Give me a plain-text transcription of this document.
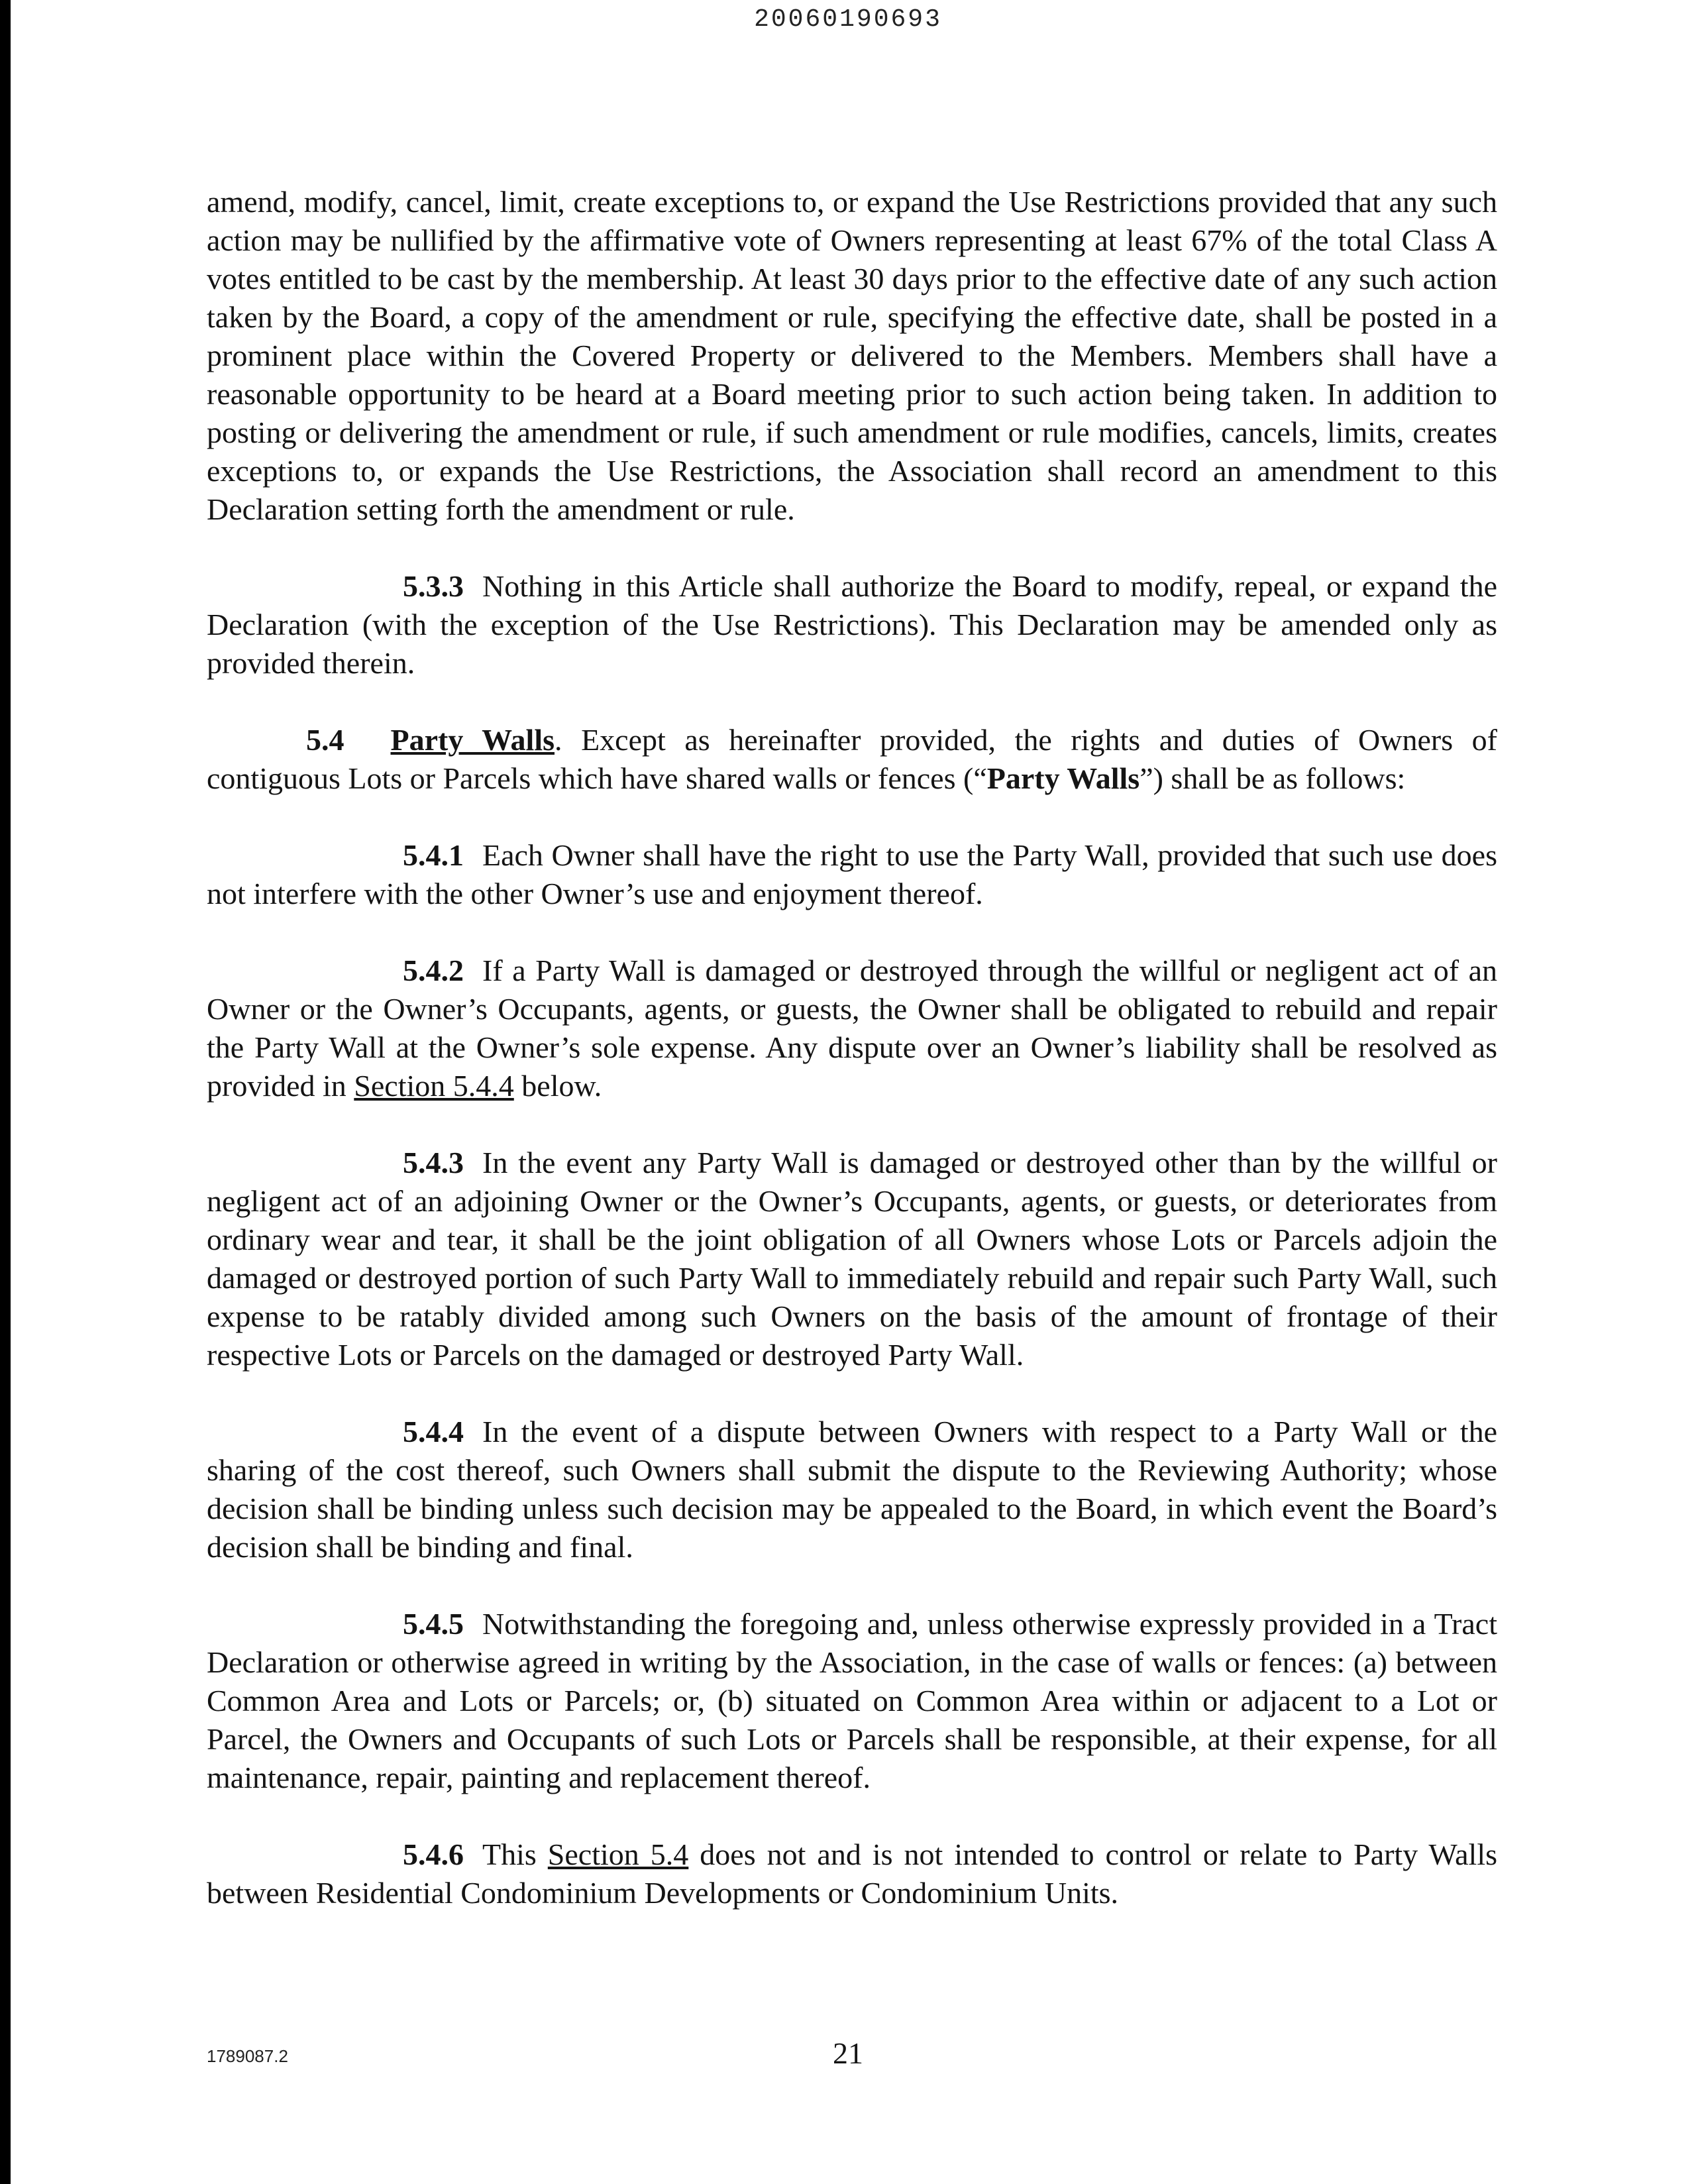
20060190693

amend, modify, cancel, limit, create exceptions to, or expand the Use Restrictions provided that any such action may be nullified by the affirmative vote of Owners representing at least 67% of the total Class A votes entitled to be cast by the membership. At least 30 days prior to the effective date of any such action taken by the Board, a copy of the amendment or rule, specifying the effective date, shall be posted in a prominent place within the Covered Property or delivered to the Members. Members shall have a reasonable opportunity to be heard at a Board meeting prior to such action being taken. In addition to posting or delivering the amendment or rule, if such amendment or rule modifies, cancels, limits, creates exceptions to, or expands the Use Restrictions, the Association shall record an amendment to this Declaration setting forth the amendment or rule.

5.3.3 Nothing in this Article shall authorize the Board to modify, repeal, or expand the Declaration (with the exception of the Use Restrictions). This Declaration may be amended only as provided therein.

5.4 Party Walls. Except as hereinafter provided, the rights and duties of Owners of contiguous Lots or Parcels which have shared walls or fences (“Party Walls”) shall be as follows:

5.4.1 Each Owner shall have the right to use the Party Wall, provided that such use does not interfere with the other Owner’s use and enjoyment thereof.

5.4.2 If a Party Wall is damaged or destroyed through the willful or negligent act of an Owner or the Owner’s Occupants, agents, or guests, the Owner shall be obligated to rebuild and repair the Party Wall at the Owner’s sole expense. Any dispute over an Owner’s liability shall be resolved as provided in Section 5.4.4 below.

5.4.3 In the event any Party Wall is damaged or destroyed other than by the willful or negligent act of an adjoining Owner or the Owner’s Occupants, agents, or guests, or deteriorates from ordinary wear and tear, it shall be the joint obligation of all Owners whose Lots or Parcels adjoin the damaged or destroyed portion of such Party Wall to immediately rebuild and repair such Party Wall, such expense to be ratably divided among such Owners on the basis of the amount of frontage of their respective Lots or Parcels on the damaged or destroyed Party Wall.

5.4.4 In the event of a dispute between Owners with respect to a Party Wall or the sharing of the cost thereof, such Owners shall submit the dispute to the Reviewing Authority; whose decision shall be binding unless such decision may be appealed to the Board, in which event the Board’s decision shall be binding and final.

5.4.5 Notwithstanding the foregoing and, unless otherwise expressly provided in a Tract Declaration or otherwise agreed in writing by the Association, in the case of walls or fences: (a) between Common Area and Lots or Parcels; or, (b) situated on Common Area within or adjacent to a Lot or Parcel, the Owners and Occupants of such Lots or Parcels shall be responsible, at their expense, for all maintenance, repair, painting and replacement thereof.

5.4.6 This Section 5.4 does not and is not intended to control or relate to Party Walls between Residential Condominium Developments or Condominium Units.

1789087.2	21
